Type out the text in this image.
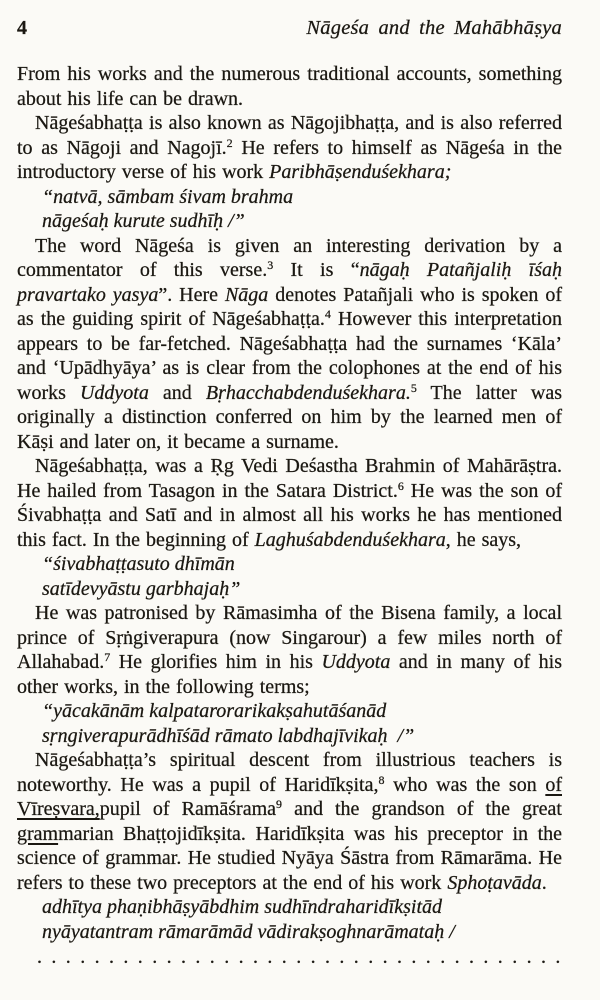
4	Nāgeśa and the Mahābhāṣya

From his works and the numerous traditional accounts, something about his life can be drawn.

Nāgeśabhaṭṭa is also known as Nāgojibhaṭṭa, and is also referred to as Nāgoji and Nagojī.$^2$ He refers to himself as Nāgeśa in the introductory verse of his work Paribhāṣenduśekhara;

“natvā, sāmbam śivam brahma
nāgeśaḥ kurute sudhīḥ /”

The word Nāgeśa is given an interesting derivation by a commentator of this verse.$^3$ It is “nāgaḥ Patañjaliḥ īśaḥ pravartako yasya”. Here Nāga denotes Patañjali who is spoken of as the guiding spirit of Nāgeśabhaṭṭa.$^4$ However this interpretation appears to be far-fetched. Nāgeśabhaṭṭa had the surnames ‘Kāla’ and ‘Upādhyāya’ as is clear from the colophones at the end of his works Uddyota and Bṛhacchabdenduśekhara.$^5$ The latter was originally a distinction conferred on him by the learned men of Kāṣi and later on, it became a surname.

Nāgeśabhaṭṭa, was a Ṛg Vedi Deśastha Brahmin of Mahārāṣtra. He hailed from Tasagon in the Satara District.$^6$ He was the son of Śivabhaṭṭa and Satī and in almost all his works he has mentioned this fact. In the beginning of Laghuśabdenduśekhara, he says,

“śivabhaṭṭasuto dhīmān
satīdevyāstu garbhajaḥ”

He was patronised by Rāmasimha of the Bisena family, a local prince of Sṛṅgiverapura (now Singarour) a few miles north of Allahabad.$^7$ He glorifies him in his Uddyota and in many of his other works, in the following terms;

“yācakānām kalpatarorarikakṣahutāśanād
sṛngiverapurādhīśād rāmato labdhajīvikaḥ  /”

Nāgeśabhaṭṭa’s spiritual descent from illustrious teachers is noteworthy. He was a pupil of Haridīkṣita,$^8$ who was the son of Vīreṣvara,pupil of Ramāśrama$^9$ and the grandson of the great grammarian Bhaṭṭojidīkṣita. Haridīkṣita was his preceptor in the science of grammar. He studied Nyāya Śāstra from Rāmarāma. He refers to these two preceptors at the end of his work Sphoṭavāda.

adhītya phaṇibhāṣyābdhim sudhīndraharidīkṣitād
nyāyatantram rāmarāmād vādirakṣoghnarāmataḥ /
. . . . . . . . . . . . . . . . . . . . . . . . . . . . . . . . . . . . .
